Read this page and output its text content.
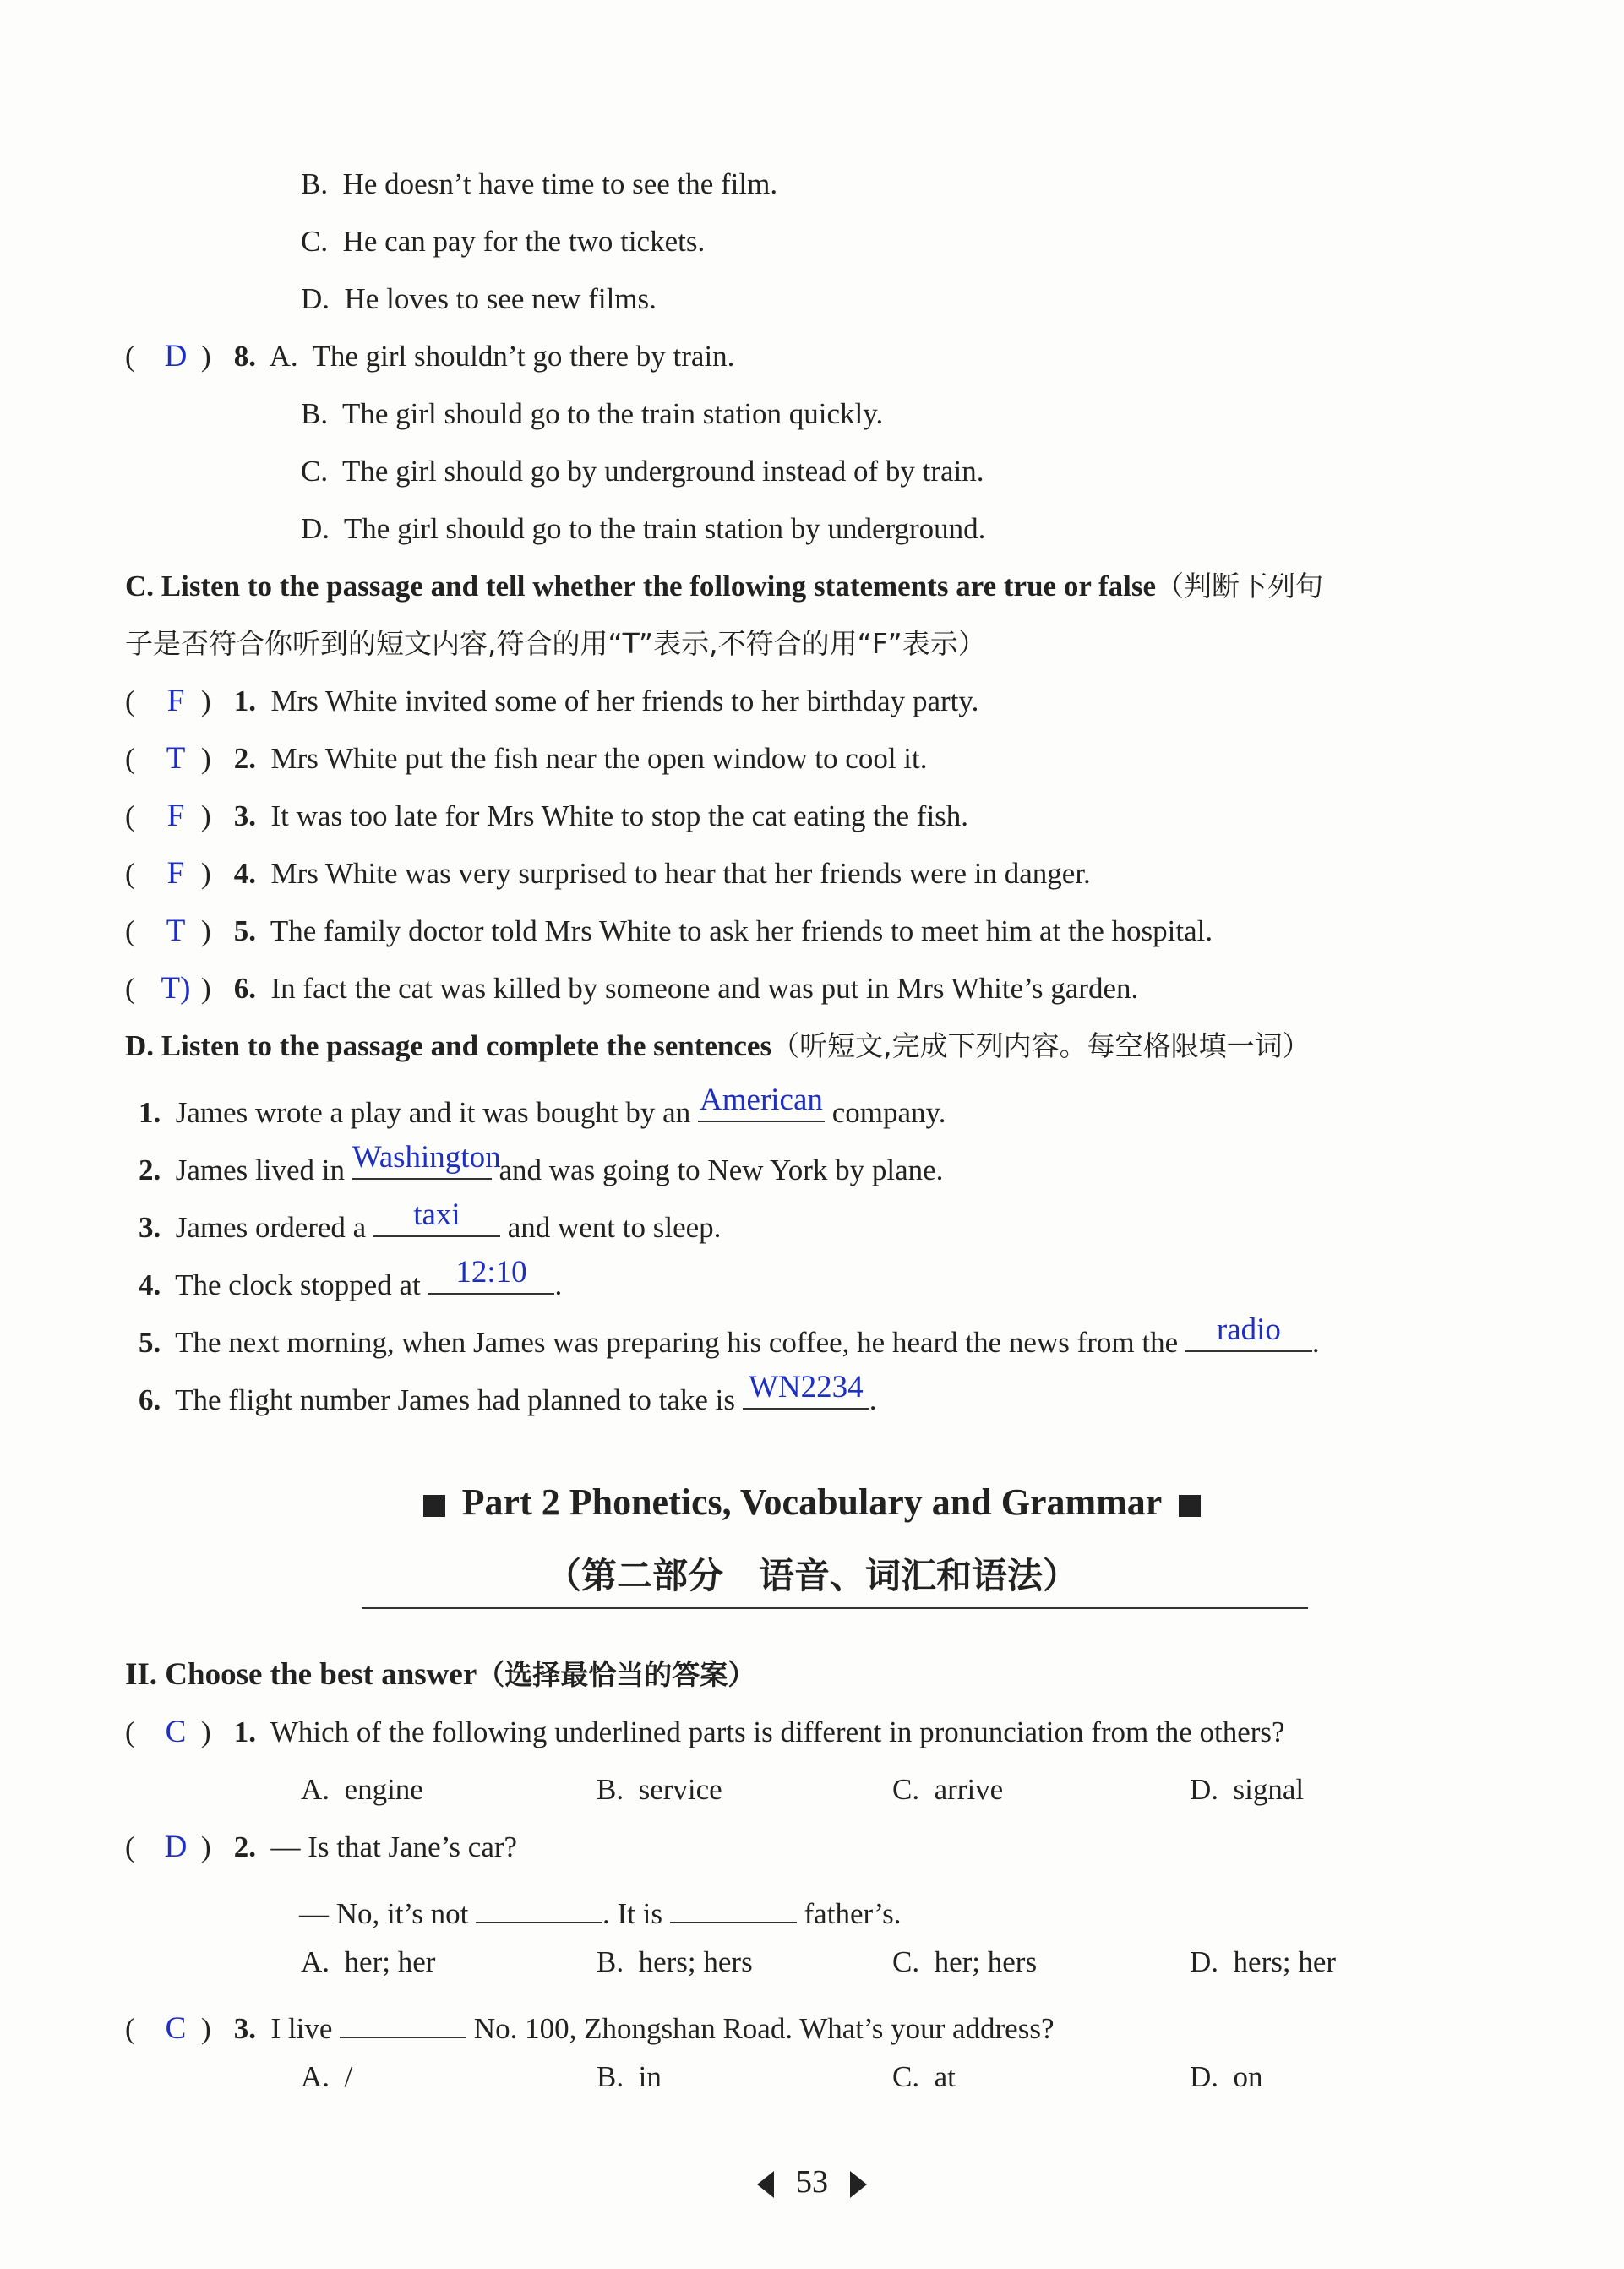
B. He doesn’t have time to see the film.
C. He can pay for the two tickets.
D. He loves to see new films.
( D ) 8. A. The girl shouldn’t go there by train.
B. The girl should go to the train station quickly.
C. The girl should go by underground instead of by train.
D. The girl should go to the train station by underground.
C. Listen to the passage and tell whether the following statements are true or false（判断下列句
子是否符合你听到的短文内容,符合的用“T”表示,不符合的用“F”表示）
( F ) 1. Mrs White invited some of her friends to her birthday party.
( T ) 2. Mrs White put the fish near the open window to cool it.
( F ) 3. It was too late for Mrs White to stop the cat eating the fish.
( F ) 4. Mrs White was very surprised to hear that her friends were in danger.
( T ) 5. The family doctor told Mrs White to ask her friends to meet him at the hospital.
( T) ) 6. In fact the cat was killed by someone and was put in Mrs White’s garden.
D. Listen to the passage and complete the sentences（听短文,完成下列内容。每空格限填一词）
1. James wrote a play and it was bought by an American company.
2. James lived in Washington
and was going to New York by plane.
3. James ordered a	taxi	and went to sleep.
4. The clock stopped at	12:10 .
5. The next morning, when James was preparing his coffee, he heard the news from the	radio	.
6. The flight number James had planned to take is WN2234 .
Part 2 Phonetics, Vocabulary and Grammar
（第二部分　语音、词汇和语法）
II. Choose the best answer（选择最恰当的答案）
( C ) 1. Which of the following underlined parts is different in pronunciation from the others?
A. engine	B. service	C. arrive	D. signal
( D ) 2. — Is that Jane’s car?
— No, it’s not	. It is	father’s.
A. her; her	B. hers; hers	C. her; hers	D. hers; her
( C ) 3. I live	No. 100, Zhongshan Road. What’s your address?
A. /	B. in	C. at	D. on
53
